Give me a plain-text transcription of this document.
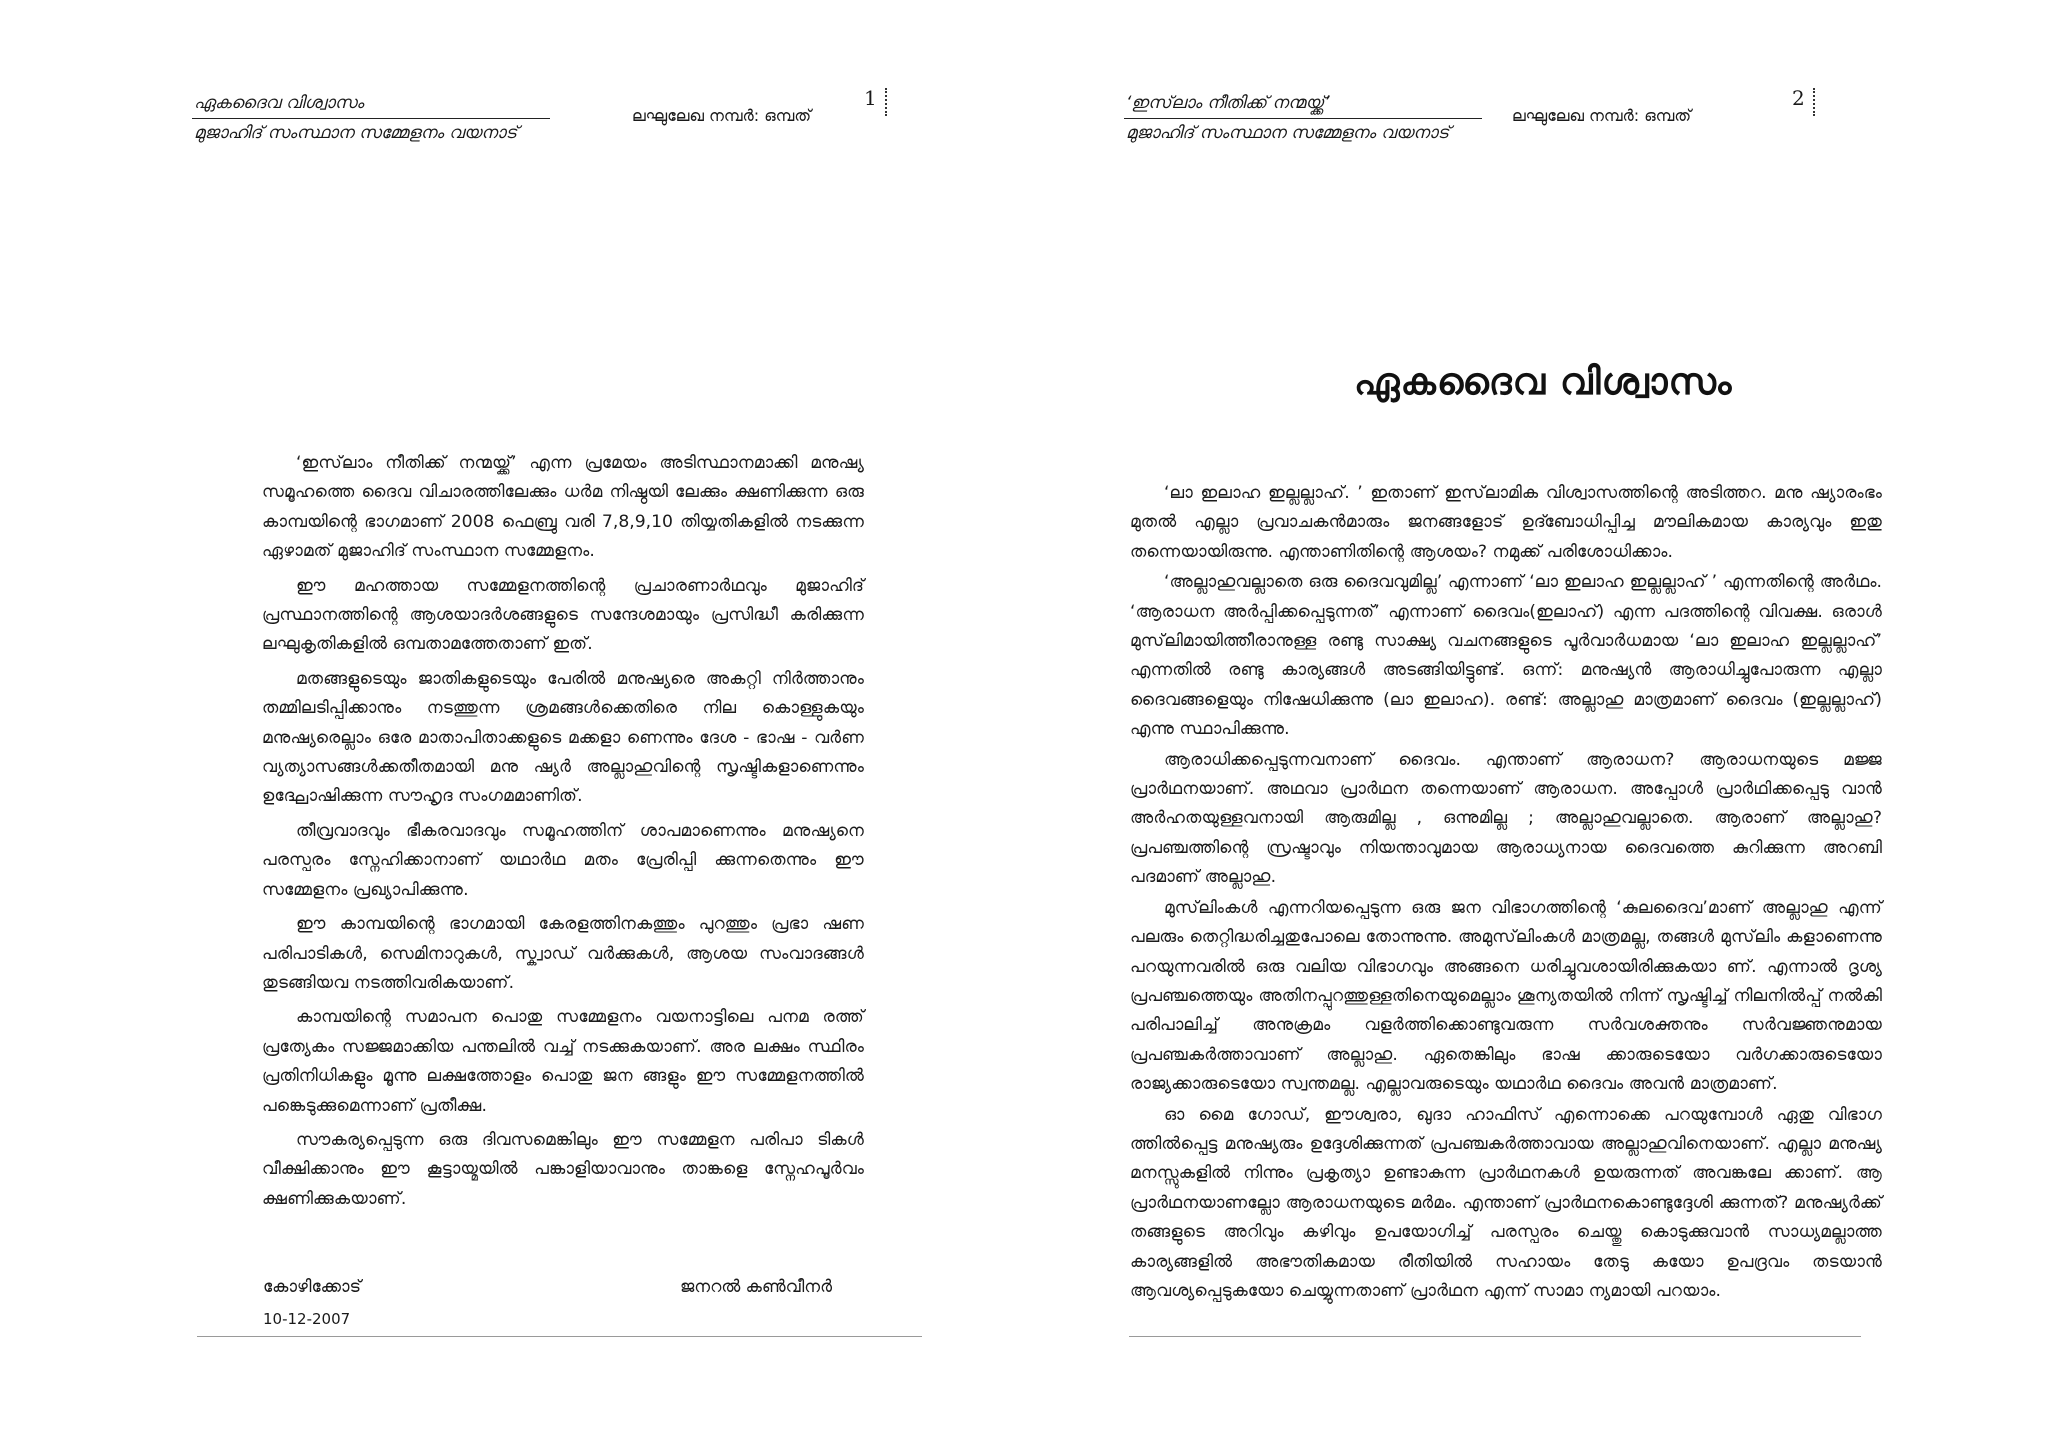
ഏകദൈവ വിശ്വാസം
മുജാഹിദ് സംസ്ഥാന സമ്മേളനം വയനാട്
ലഘുലേഖ നമ്പർ: ഒമ്പത്
1

‘ഇസ്‌ലാം നീതിക്ക് നന്മയ്ക്ക്’ എന്ന പ്രമേയം അടിസ്ഥാനമാക്കി മനുഷ്യ സമൂഹത്തെ ദൈവ വിചാരത്തിലേക്കും ധർമ നിഷ്ഠയി ലേക്കും ക്ഷണിക്കുന്ന ഒരു കാമ്പയിന്റെ ഭാഗമാണ് 2008 ഫെബ്രു വരി 7,8,9,10 തിയ്യതികളിൽ നടക്കുന്ന ഏഴാമത് മുജാഹിദ് സംസ്ഥാന സമ്മേളനം.

ഈ മഹത്തായ സമ്മേളനത്തിന്റെ പ്രചാരണാർഥവും മുജാഹിദ് പ്രസ്ഥാനത്തിന്റെ ആശയാദർശങ്ങളുടെ സന്ദേശമായും പ്രസിദ്ധീ കരിക്കുന്ന ലഘുകൃതികളിൽ ഒമ്പതാമത്തേതാണ് ഇത്.

മതങ്ങളുടെയും ജാതികളുടെയും പേരിൽ മനുഷ്യരെ അകറ്റി നിർത്താനും തമ്മിലടിപ്പിക്കാനും നടത്തുന്ന ശ്രമങ്ങൾക്കെതിരെ നില കൊള്ളുകയും മനുഷ്യരെല്ലാം ഒരേ മാതാപിതാക്കളുടെ മക്കളാ ണെന്നും ദേശ - ഭാഷ - വർണ വ്യത്യാസങ്ങൾക്കതീതമായി മനു ഷ്യർ അല്ലാഹുവിന്റെ സൃഷ്ടികളാണെന്നും ഉദ്ഘോഷിക്കുന്ന സൗഹൃദ സംഗമമാണിത്.

തീവ്രവാദവും ഭീകരവാദവും സമൂഹത്തിന് ശാപമാണെന്നും മനുഷ്യനെ പരസ്പരം സ്നേഹിക്കാനാണ് യഥാർഥ മതം പ്രേരിപ്പി ക്കുന്നതെന്നും ഈ സമ്മേളനം പ്രഖ്യാപിക്കുന്നു.

ഈ കാമ്പയിന്റെ ഭാഗമായി കേരളത്തിനകത്തും പുറത്തും പ്രഭാ ഷണ പരിപാടികൾ, സെമിനാറുകൾ, സ്ക്വാഡ് വർക്കുകൾ, ആശയ സംവാദങ്ങൾ തുടങ്ങിയവ നടത്തിവരികയാണ്.

കാമ്പയിന്റെ സമാപന പൊതു സമ്മേളനം വയനാട്ടിലെ പനമ രത്ത് പ്രത്യേകം സജ്ജമാക്കിയ പന്തലിൽ വച്ച് നടക്കുകയാണ്. അര ലക്ഷം സ്ഥിരം പ്രതിനിധികളും മൂന്നു ലക്ഷത്തോളം പൊതു ജന ങ്ങളും ഈ സമ്മേളനത്തിൽ പങ്കെടുക്കുമെന്നാണ് പ്രതീക്ഷ.

സൗകര്യപ്പെടുന്ന ഒരു ദിവസമെങ്കിലും ഈ സമ്മേളന പരിപാ ടികൾ വീക്ഷിക്കാനും ഈ കൂട്ടായ്മയിൽ പങ്കാളിയാവാനും താങ്കളെ സ്നേഹപൂർവം ക്ഷണിക്കുകയാണ്.

കോഴിക്കോട്
10-12-2007
ജനറൽ കൺവീനർ
‘ഇസ്‌ലാം നീതിക്ക് നന്മയ്ക്ക്’
മുജാഹിദ് സംസ്ഥാന സമ്മേളനം വയനാട്
ലഘുലേഖ നമ്പർ: ഒമ്പത്
2
ഏകദൈവ വിശ്വാസം

‘ലാ ഇലാഹ ഇല്ലല്ലാഹ്. ’ ഇതാണ് ഇസ്‌ലാമിക വിശ്വാസത്തിന്റെ അടിത്തറ. മനു ഷ്യാരംഭം മുതൽ എല്ലാ പ്രവാചകൻമാരും ജനങ്ങളോട് ഉദ്ബോധിപ്പിച്ച മൗലികമായ കാര്യവും ഇതു തന്നെയായിരുന്നു. എന്താണിതിന്റെ ആശയം? നമുക്ക് പരിശോധിക്കാം.

‘അല്ലാഹുവല്ലാതെ ഒരു ദൈവവുമില്ല’ എന്നാണ് ‘ലാ ഇലാഹ ഇല്ലല്ലാഹ് ’ എന്നതിന്റെ അർഥം. ‘ആരാധന അർപ്പിക്കപ്പെടുന്നത്’ എന്നാണ് ദൈവം(ഇലാഹ്) എന്ന പദത്തിന്റെ വിവക്ഷ. ഒരാൾ മുസ്‌ലിമായിത്തീരാനുള്ള രണ്ടു സാക്ഷ്യ വചനങ്ങളുടെ പൂർവാർധമായ ‘ലാ ഇലാഹ ഇല്ലല്ലാഹ്’ എന്നതിൽ രണ്ടു കാര്യങ്ങൾ അടങ്ങിയിട്ടുണ്ട്. ഒന്ന്: മനുഷ്യൻ ആരാധിച്ചുപോരുന്ന എല്ലാ ദൈവങ്ങളെയും നിഷേധിക്കുന്നു (ലാ ഇലാഹ). രണ്ട്: അല്ലാഹു മാത്രമാണ് ദൈവം (ഇല്ലല്ലാഹ്) എന്നു സ്ഥാപിക്കുന്നു.

ആരാധിക്കപ്പെടുന്നവനാണ് ദൈവം. എന്താണ് ആരാധന? ആരാധനയുടെ മജ്ജ പ്രാർഥനയാണ്. അഥവാ പ്രാർഥന തന്നെയാണ് ആരാധന. അപ്പോൾ പ്രാർഥിക്കപ്പെടു വാൻ അർഹതയുള്ളവനായി ആരുമില്ല , ഒന്നുമില്ല ; അല്ലാഹുവല്ലാതെ. ആരാണ് അല്ലാഹു? പ്രപഞ്ചത്തിന്റെ സ്രഷ്ടാവും നിയന്താവുമായ ആരാധ്യനായ ദൈവത്തെ കുറിക്കുന്ന അറബി പദമാണ് അല്ലാഹു.

മുസ്‌ലിംകൾ എന്നറിയപ്പെടുന്ന ഒരു ജന വിഭാഗത്തിന്റെ ‘കുലദൈവ’മാണ് അല്ലാഹു എന്ന് പലരും തെറ്റിദ്ധരിച്ചതുപോലെ തോന്നുന്നു. അമുസ്‌ലിംകൾ മാത്രമല്ല, തങ്ങൾ മുസ്‌ലിം കളാണെന്നു പറയുന്നവരിൽ ഒരു വലിയ വിഭാഗവും അങ്ങനെ ധരിച്ചുവശായിരിക്കുകയാ ണ്. എന്നാൽ ദൃശ്യ പ്രപഞ്ചത്തെയും അതിനപ്പുറത്തുള്ളതിനെയുമെല്ലാം ശൂന്യതയിൽ നിന്ന് സൃഷ്ടിച്ച് നിലനിൽപ്പ് നൽകി പരിപാലിച്ച് അനുക്രമം വളർത്തിക്കൊണ്ടുവരുന്ന സർവശക്തനും സർവജ്ഞനുമായ പ്രപഞ്ചകർത്താവാണ് അല്ലാഹു. ഏതെങ്കിലും ഭാഷ ക്കാരുടെയോ വർഗക്കാരുടെയോ രാജ്യക്കാരുടെയോ സ്വന്തമല്ല. എല്ലാവരുടെയും യഥാർഥ ദൈവം അവൻ മാത്രമാണ്.

ഓ മൈ ഗോഡ്, ഈശ്വരാ, ഖുദാ ഹാഫിസ് എന്നൊക്കെ പറയുമ്പോൾ ഏതു വിഭാഗ ത്തിൽപ്പെട്ട മനുഷ്യരും ഉദ്ദേശിക്കുന്നത് പ്രപഞ്ചകർത്താവായ അല്ലാഹുവിനെയാണ്. എല്ലാ മനുഷ്യ മനസ്സുകളിൽ നിന്നും പ്രകൃത്യാ ഉണ്ടാകുന്ന പ്രാർഥനകൾ ഉയരുന്നത് അവങ്കലേ ക്കാണ്. ആ പ്രാർഥനയാണല്ലോ ആരാധനയുടെ മർമം. എന്താണ് പ്രാർഥനകൊണ്ടുദ്ദേശി ക്കുന്നത്? മനുഷ്യർക്ക് തങ്ങളുടെ അറിവും കഴിവും ഉപയോഗിച്ച് പരസ്പരം ചെയ്തു കൊടുക്കുവാൻ സാധ്യമല്ലാത്ത കാര്യങ്ങളിൽ അഭൗതികമായ രീതിയിൽ സഹായം തേടു കയോ ഉപദ്രവം തടയാൻ ആവശ്യപ്പെടുകയോ ചെയ്യുന്നതാണ് പ്രാർഥന എന്ന് സാമാ ന്യമായി പറയാം.
